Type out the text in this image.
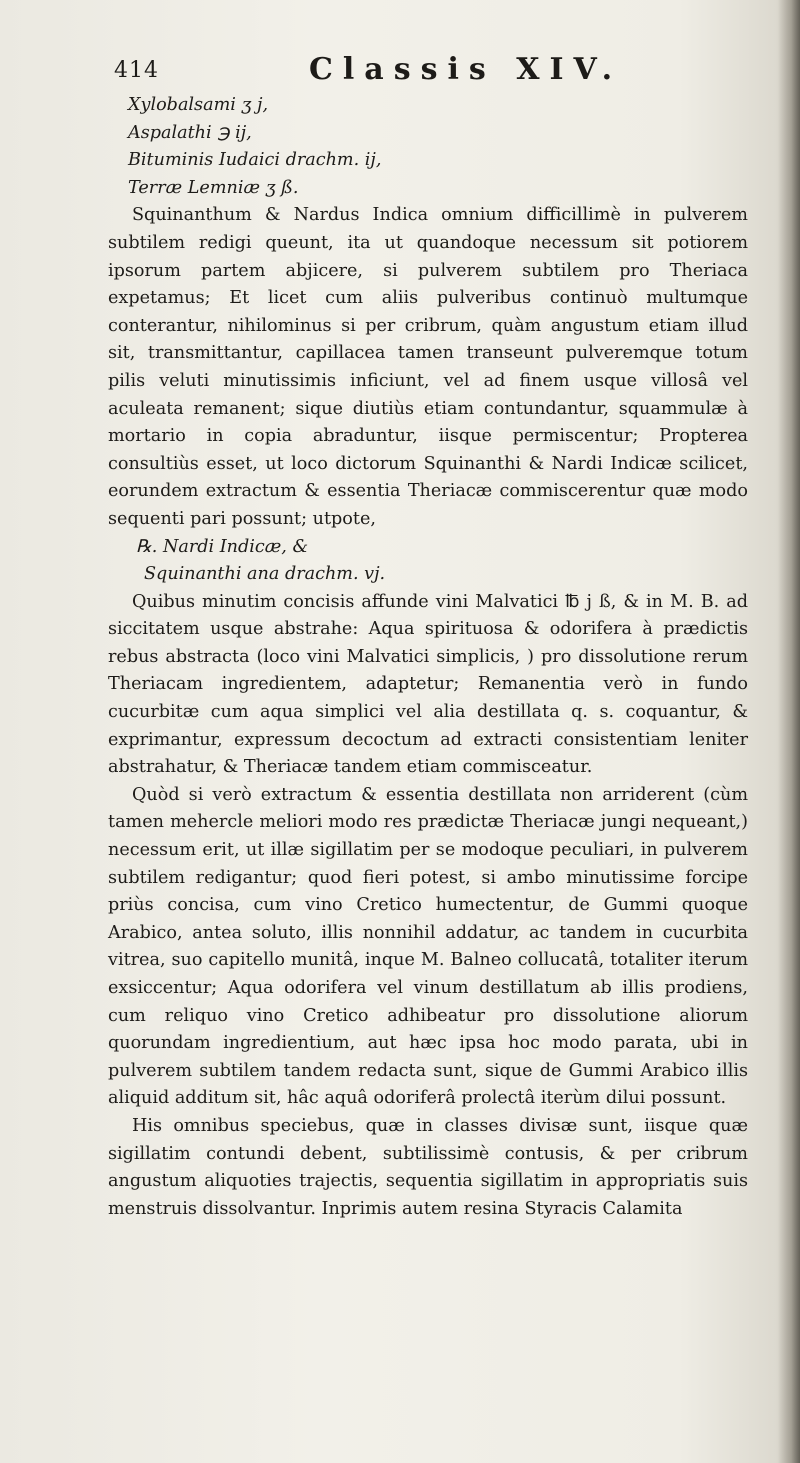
414	Classis XIV.
Xylobalsami ʒ j,
Aspalathi ℈ ij,
Bituminis Iudaici drachm. ij,
Terræ Lemniæ ʒ ß.

Squinanthum & Nardus Indica omnium difficillimè in pulverem subtilem redigi queunt, ita ut quandoque necessum sit potiorem ipsorum partem abjicere, si pulverem subtilem pro Theriaca expetamus; Et licet cum aliis pulveribus continuò multumque conterantur, nihilominus si per cribrum, quàm angustum etiam illud sit, transmittantur, capillacea tamen transeunt pulveremque totum pilis veluti minutissimis inficiunt, vel ad finem usque villosâ vel aculeata remanent; sique diutiùs etiam contundantur, squammulæ à mortario in copia abraduntur, iisque permiscentur; Propterea consultiùs esset, ut loco dictorum Squinanthi & Nardi Indicæ scilicet, eorundem extractum & essentia Theriacæ commiscerentur quæ modo sequenti pari possunt; utpote,

℞. Nardi Indicæ, &

Squinanthi ana drachm. vj.

Quibus minutim concisis affunde vini Malvatici ℔ j ß, & in M. B. ad siccitatem usque abstrahe: Aqua spirituosa & odorifera à prædictis rebus abstracta (loco vini Malvatici simplicis, ) pro dissolutione rerum Theriacam ingredientem, adaptetur; Remanentia verò in fundo cucurbitæ cum aqua simplici vel alia destillata q. s. coquantur, & exprimantur, expressum decoctum ad extracti consistentiam leniter abstrahatur, & Theriacæ tandem etiam commisceatur.

Quòd si verò extractum & essentia destillata non arriderent (cùm tamen mehercle meliori modo res prædictæ Theriacæ jungi nequeant,) necessum erit, ut illæ sigillatim per se modoque peculiari, in pulverem subtilem redigantur; quod fieri potest, si ambo minutissime forcipe priùs concisa, cum vino Cretico humectentur, de Gummi quoque Arabico, antea soluto, illis nonnihil addatur, ac tandem in cucurbita vitrea, suo capitello munitâ, inque M. Balneo collucatâ, totaliter iterum exsiccentur; Aqua odorifera vel vinum destillatum ab illis prodiens, cum reliquo vino Cretico adhibeatur pro dissolutione aliorum quorundam ingredientium, aut hæc ipsa hoc modo parata, ubi in pulverem subtilem tandem redacta sunt, sique de Gummi Arabico illis aliquid additum sit, hâc aquâ odoriferâ prolectâ iterùm dilui possunt.

His omnibus speciebus, quæ in classes divisæ sunt, iisque quæ sigillatim contundi debent, subtilissimè contusis, & per cribrum angustum aliquoties trajectis, sequentia sigillatim in appropriatis suis menstruis dissolvantur. Inprimis autem resina Styracis Calamita
